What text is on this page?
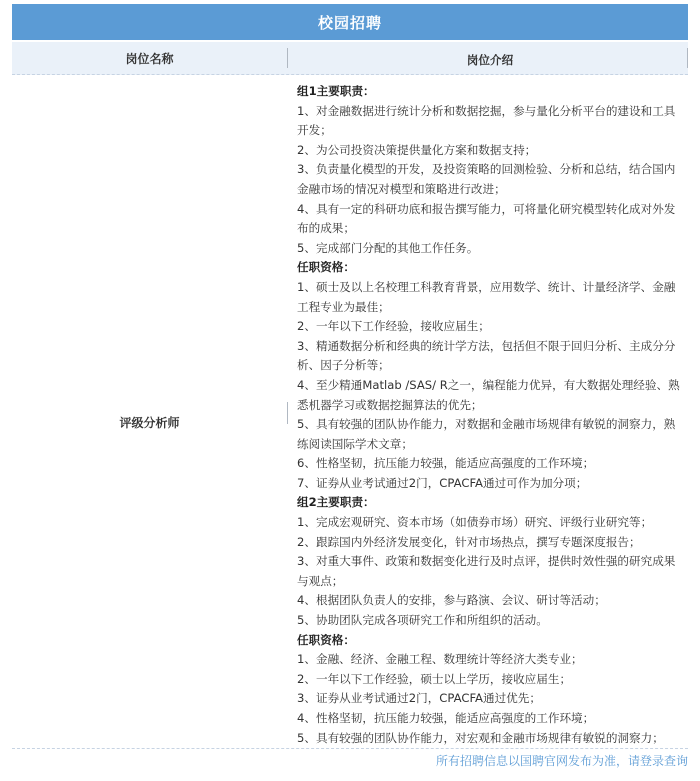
校园招聘
岗位名称	岗位介绍
评级分析师
组1主要职责：
1、对金融数据进行统计分析和数据挖掘，参与量化分析平台的建设和工具开发；
2、为公司投资决策提供量化方案和数据支持；
3、负责量化模型的开发，及投资策略的回测检验、分析和总结，结合国内金融市场的情况对模型和策略进行改进；
4、具有一定的科研功底和报告撰写能力，可将量化研究模型转化成对外发布的成果；
5、完成部门分配的其他工作任务。
任职资格：
1、硕士及以上名校理工科教育背景，应用数学、统计、计量经济学、金融工程专业为最佳；
2、一年以下工作经验，接收应届生；
3、精通数据分析和经典的统计学方法，包括但不限于回归分析、主成分分析、因子分析等；
4、至少精通Matlab /SAS/ R之一，编程能力优异，有大数据处理经验、熟悉机器学习或数据挖掘算法的优先；
5、具有较强的团队协作能力，对数据和金融市场规律有敏锐的洞察力，熟练阅读国际学术文章；
6、性格坚韧，抗压能力较强，能适应高强度的工作环境；
7、证券从业考试通过2门，CPACFA通过可作为加分项；
组2主要职责：
1、完成宏观研究、资本市场（如债券市场）研究、评级行业研究等；
2、跟踪国内外经济发展变化，针对市场热点，撰写专题深度报告；
3、对重大事件、政策和数据变化进行及时点评，提供时效性强的研究成果与观点；
4、根据团队负责人的安排，参与路演、会议、研讨等活动；
5、协助团队完成各项研究工作和所组织的活动。
任职资格：
1、金融、经济、金融工程、数理统计等经济大类专业；
2、一年以下工作经验，硕士以上学历，接收应届生；
3、证券从业考试通过2门，CPACFA通过优先；
4、性格坚韧，抗压能力较强，能适应高强度的工作环境；
5、具有较强的团队协作能力，对宏观和金融市场规律有敏锐的洞察力；
所有招聘信息以国聘官网发布为准，请登录查询
